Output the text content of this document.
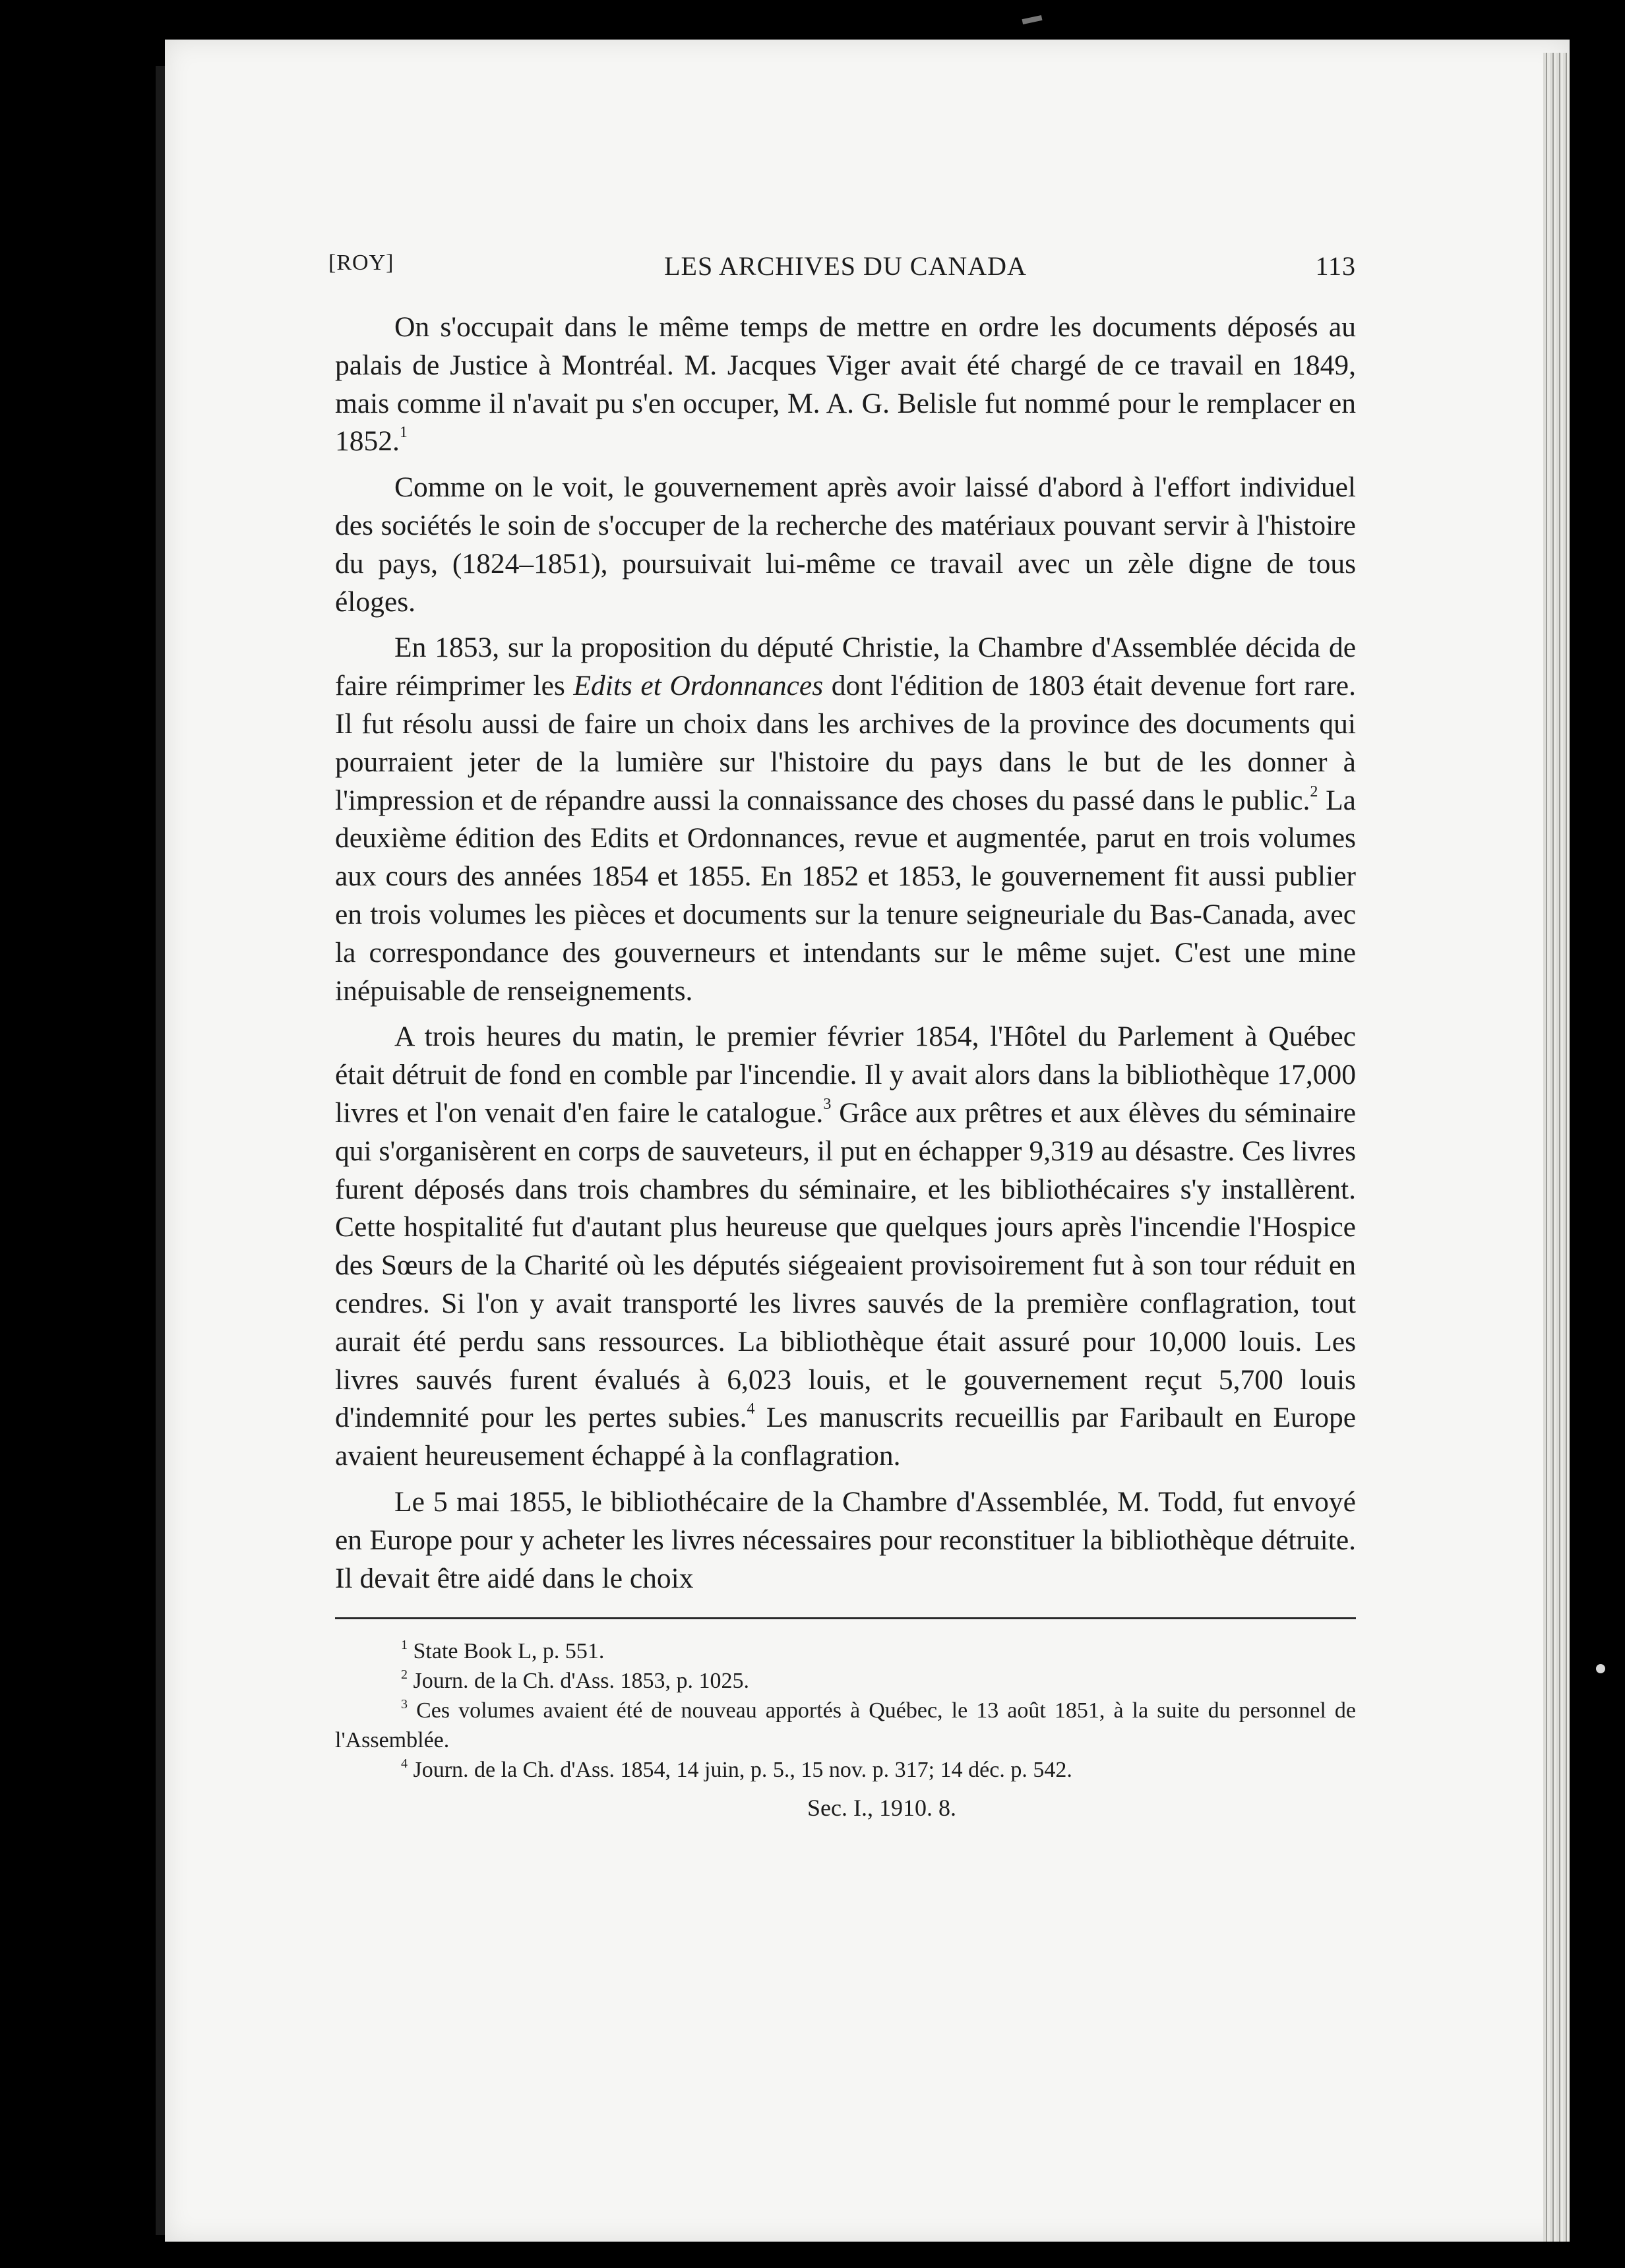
[ROY]	LES ARCHIVES DU CANADA	113

On s'occupait dans le même temps de mettre en ordre les documents déposés au palais de Justice à Montréal. M. Jacques Viger avait été chargé de ce travail en 1849, mais comme il n'avait pu s'en occuper, M. A. G. Belisle fut nommé pour le remplacer en 1852.$^1$

Comme on le voit, le gouvernement après avoir laissé d'abord à l'effort individuel des sociétés le soin de s'occuper de la recherche des matériaux pouvant servir à l'histoire du pays, (1824–1851), poursuivait lui-même ce travail avec un zèle digne de tous éloges.

En 1853, sur la proposition du député Christie, la Chambre d'Assemblée décida de faire réimprimer les Edits et Ordonnances dont l'édition de 1803 était devenue fort rare. Il fut résolu aussi de faire un choix dans les archives de la province des documents qui pourraient jeter de la lumière sur l'histoire du pays dans le but de les donner à l'impression et de répandre aussi la connaissance des choses du passé dans le public.$^2$ La deuxième édition des Edits et Ordonnances, revue et augmentée, parut en trois volumes aux cours des années 1854 et 1855. En 1852 et 1853, le gouvernement fit aussi publier en trois volumes les pièces et documents sur la tenure seigneuriale du Bas-Canada, avec la correspondance des gouverneurs et intendants sur le même sujet. C'est une mine inépuisable de renseignements.

A trois heures du matin, le premier février 1854, l'Hôtel du Parlement à Québec était détruit de fond en comble par l'incendie. Il y avait alors dans la bibliothèque 17,000 livres et l'on venait d'en faire le catalogue.$^3$ Grâce aux prêtres et aux élèves du séminaire qui s'organisèrent en corps de sauveteurs, il put en échapper 9,319 au désastre. Ces livres furent déposés dans trois chambres du séminaire, et les bibliothécaires s'y installèrent. Cette hospitalité fut d'autant plus heureuse que quelques jours après l'incendie l'Hospice des Sœurs de la Charité où les députés siégeaient provisoirement fut à son tour réduit en cendres. Si l'on y avait transporté les livres sauvés de la première conflagration, tout aurait été perdu sans ressources. La bibliothèque était assuré pour 10,000 louis. Les livres sauvés furent évalués à 6,023 louis, et le gouvernement reçut 5,700 louis d'indemnité pour les pertes subies.$^4$ Les manuscrits recueillis par Faribault en Europe avaient heureusement échappé à la conflagration.

Le 5 mai 1855, le bibliothécaire de la Chambre d'Assemblée, M. Todd, fut envoyé en Europe pour y acheter les livres nécessaires pour reconstituer la bibliothèque détruite. Il devait être aidé dans le choix

$^1$ State Book L, p. 551.

$^2$ Journ. de la Ch. d'Ass. 1853, p. 1025.

$^3$ Ces volumes avaient été de nouveau apportés à Québec, le 13 août 1851, à la suite du personnel de l'Assemblée.

$^4$ Journ. de la Ch. d'Ass. 1854, 14 juin, p. 5., 15 nov. p. 317; 14 déc. p. 542.

Sec. I., 1910. 8.
